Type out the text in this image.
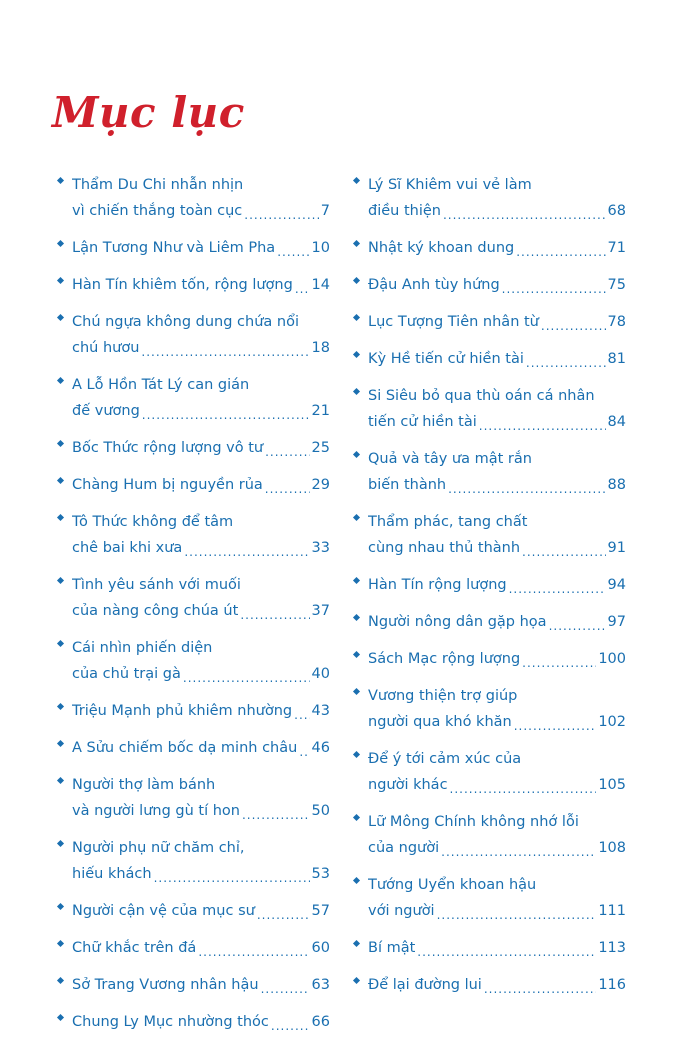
Mục lục
Thẩm Du Chi nhẫn nhịn
vì chiến thắng toàn cục .....	7
Lận Tương Như và Liêm Pha .....	10
Hàn Tín khiêm tốn, rộng lượng ..... 14
Chú ngựa không dung chứa nổi
chú hươu .....	18
A Lỗ Hồn Tát Lý can gián
đế vương .....	21
Bốc Thức rộng lượng vô tư .....	25
Chàng Hum bị nguyền rủa .....	29
Tô Thức không để tâm
chê bai khi xưa .....	33
Tình yêu sánh với muối
của nàng công chúa út .....	37
Cái nhìn phiến diện
của chủ trại gà .....	40
Triệu Mạnh phủ khiêm nhường ..... 43
A Sửu chiếm bốc dạ minh châu ..... 46
Người thợ làm bánh
và người lưng gù tí hon .....	50
Người phụ nữ chăm chỉ,
hiếu khách .....	53
Người cận vệ của mục sư .....	57
Chữ khắc trên đá .....	60
Sở Trang Vương nhân hậu .....	63
Chung Ly Mục nhường thóc .....	66
Lý Sĩ Khiêm vui vẻ làm
điều thiện .....	68
Nhật ký khoan dung .....	71
Đậu Anh tùy hứng .....	75
Lục Tượng Tiên nhân từ .....	78
Kỳ Hề tiến cử hiền tài .....	81
Si Siêu bỏ qua thù oán cá nhân
tiến cử hiền tài .....	84
Quả và tây ưa mật rắn
biến thành .....	88
Thẩm phác, tang chất
cùng nhau thủ thành .....	91
Hàn Tín rộng lượng .....	94
Người nông dân gặp họa .....	97
Sách Mạc rộng lượng .....	100
Vương thiện trợ giúp
người qua khó khăn .....	102
Để ý tới cảm xúc của
người khác .....	105
Lữ Mông Chính không nhớ lỗi
của người .....	108
Tướng Uyển khoan hậu
với người .....	111
Bí mật .....	113
Để lại đường lui .....	116
